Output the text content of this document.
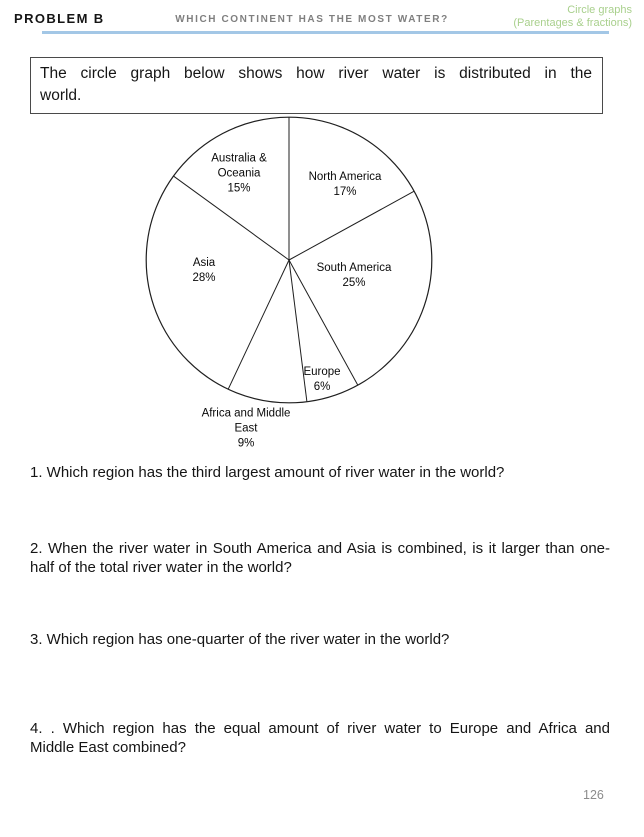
PROBLEM B	WHICH CONTINENT HAS THE MOST WATER?
Circle graphs
(Parentages & fractions)
The circle graph below shows how river water is distributed in the
world.
North America
17%
South America
25%
Europe
6%
Africa and Middle East
9%
Asia
28%
Australia & Oceania
15%
1. Which region has the third largest amount of river water in the world?
2. When the river water in South America and Asia is combined, is it larger than one-
half of the total river water in the world?
3. Which region has one-quarter of the river water in the world?
4. . Which region has the equal amount of river water to Europe and Africa and
Middle East combined?
126
